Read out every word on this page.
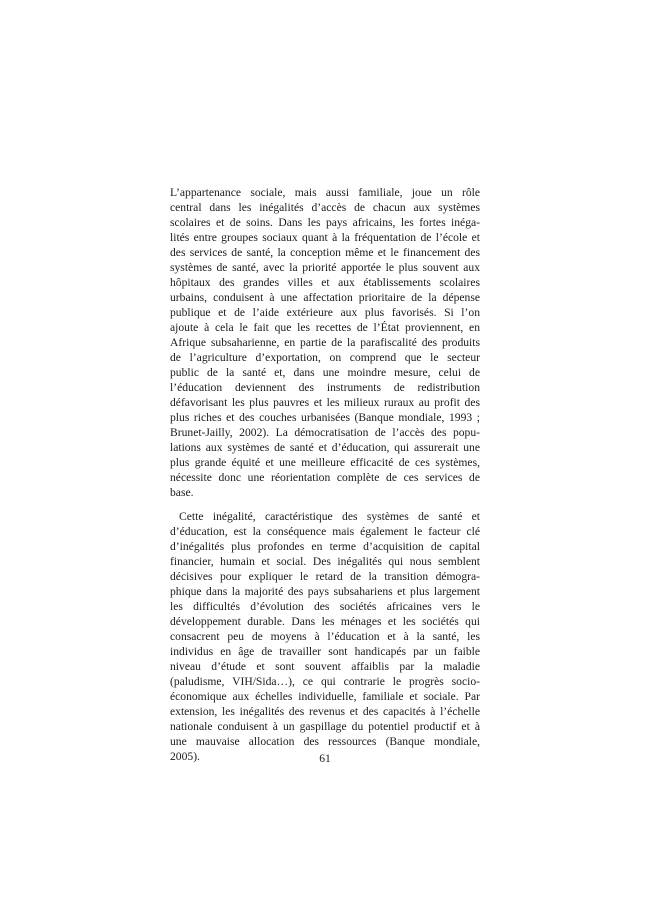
L’appartenance sociale, mais aussi familiale, joue un rôle
central dans les inégalités d’accès de chacun aux systèmes
scolaires et de soins. Dans les pays africains, les fortes inéga-
lités entre groupes sociaux quant à la fréquentation de l’école et
des services de santé, la conception même et le financement des
systèmes de santé, avec la priorité apportée le plus souvent aux
hôpitaux des grandes villes et aux établissements scolaires
urbains, conduisent à une affectation prioritaire de la dépense
publique et de l’aide extérieure aux plus favorisés. Si l’on
ajoute à cela le fait que les recettes de l’État proviennent, en
Afrique subsaharienne, en partie de la parafiscalité des produits
de l’agriculture d’exportation, on comprend que le secteur
public de la santé et, dans une moindre mesure, celui de
l’éducation deviennent des instruments de redistribution
défavorisant les plus pauvres et les milieux ruraux au profit des
plus riches et des couches urbanisées (Banque mondiale, 1993 ;
Brunet-Jailly, 2002). La démocratisation de l’accès des popu-
lations aux systèmes de santé et d’éducation, qui assurerait une
plus grande équité et une meilleure efficacité de ces systèmes,
nécessite donc une réorientation complète de ces services de
base.
Cette inégalité, caractéristique des systèmes de santé et
d’éducation, est la conséquence mais également le facteur clé
d’inégalités plus profondes en terme d’acquisition de capital
financier, humain et social. Des inégalités qui nous semblent
décisives pour expliquer le retard de la transition démogra-
phique dans la majorité des pays subsahariens et plus largement
les difficultés d’évolution des sociétés africaines vers le
développement durable. Dans les ménages et les sociétés qui
consacrent peu de moyens à l’éducation et à la santé, les
individus en âge de travailler sont handicapés par un faible
niveau d’étude et sont souvent affaiblis par la maladie
(paludisme, VIH/Sida…), ce qui contrarie le progrès socio-
économique aux échelles individuelle, familiale et sociale. Par
extension, les inégalités des revenus et des capacités à l’échelle
nationale conduisent à un gaspillage du potentiel productif et à
une mauvaise allocation des ressources (Banque mondiale,
2005).	61
